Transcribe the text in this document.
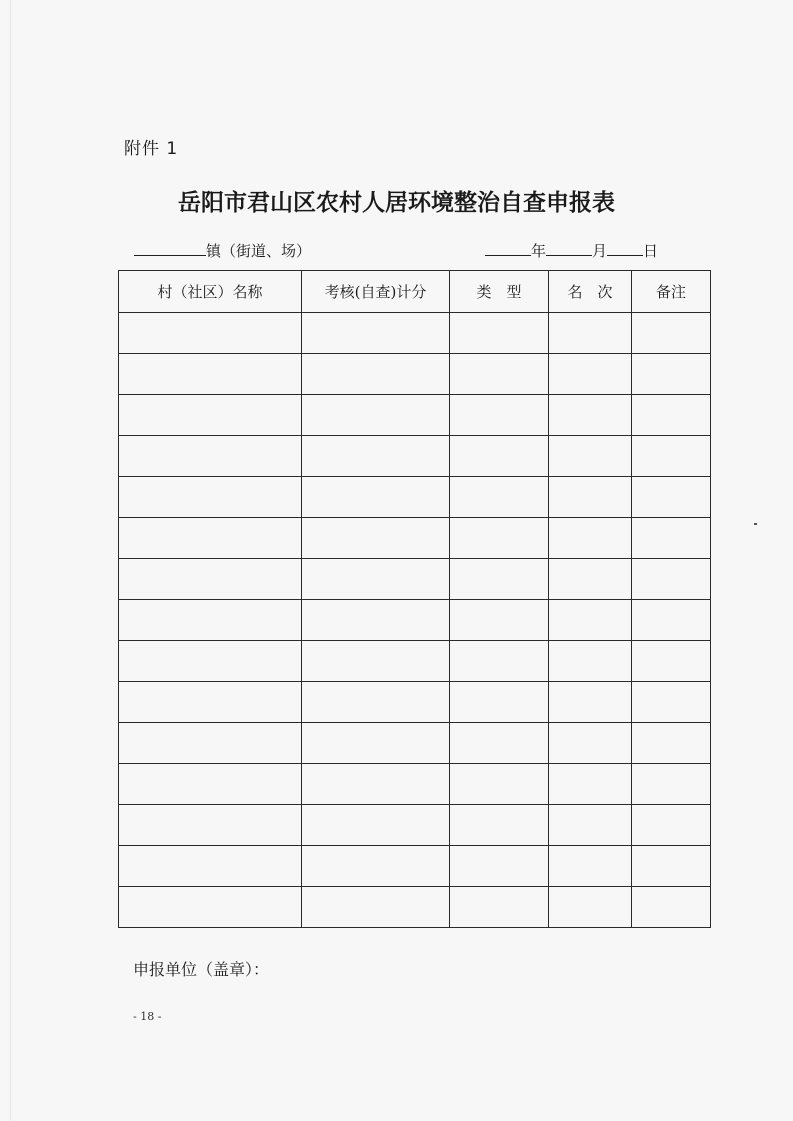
附件 1
岳阳市君山区农村人居环境整治自查申报表
镇（街道、场）	年	月 日
村（社区）名称	考核(自查)计分	类　型	名　次	备注

申报单位（盖章）：
- 18 -
